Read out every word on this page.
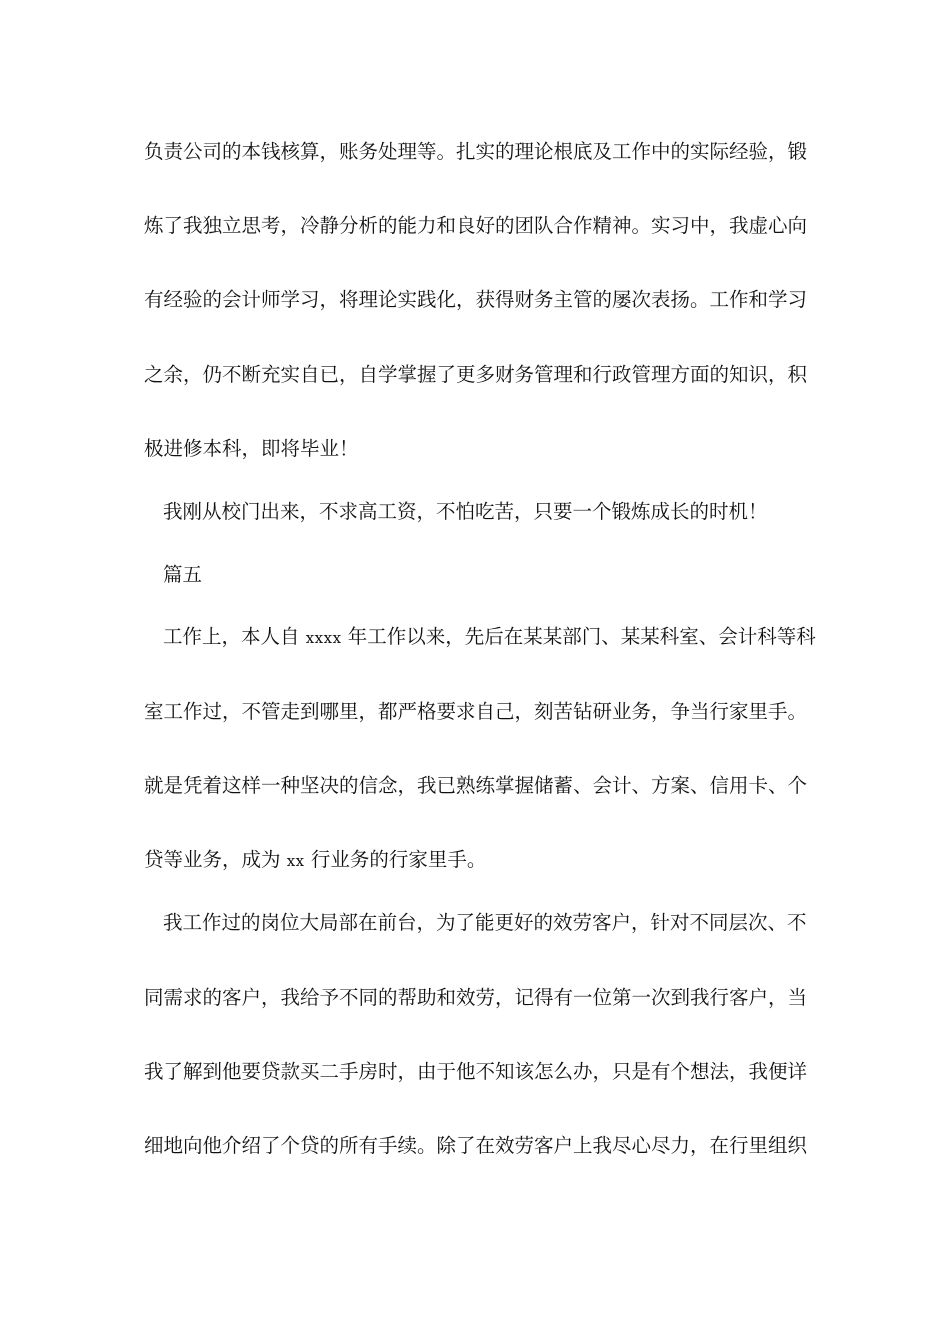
负责公司的本钱核算，账务处理等。扎实的理论根底及工作中的实际经验，锻
炼了我独立思考，冷静分析的能力和良好的团队合作精神。实习中，我虚心向
有经验的会计师学习，将理论实践化，获得财务主管的屡次表扬。工作和学习
之余，仍不断充实自已，自学掌握了更多财务管理和行政管理方面的知识，积
极进修本科，即将毕业！
我刚从校门出来，不求高工资，不怕吃苦，只要一个锻炼成长的时机！
篇五
工作上，本人自 xxxx 年工作以来，先后在某某部门、某某科室、会计科等科
室工作过，不管走到哪里，都严格要求自己，刻苦钻研业务，争当行家里手。
就是凭着这样一种坚决的信念，我已熟练掌握储蓄、会计、方案、信用卡、个
贷等业务，成为 xx 行业务的行家里手。
我工作过的岗位大局部在前台，为了能更好的效劳客户，针对不同层次、不
同需求的客户，我给予不同的帮助和效劳，记得有一位第一次到我行客户，当
我了解到他要贷款买二手房时，由于他不知该怎么办，只是有个想法，我便详
细地向他介绍了个贷的所有手续。除了在效劳客户上我尽心尽力，在行里组织
